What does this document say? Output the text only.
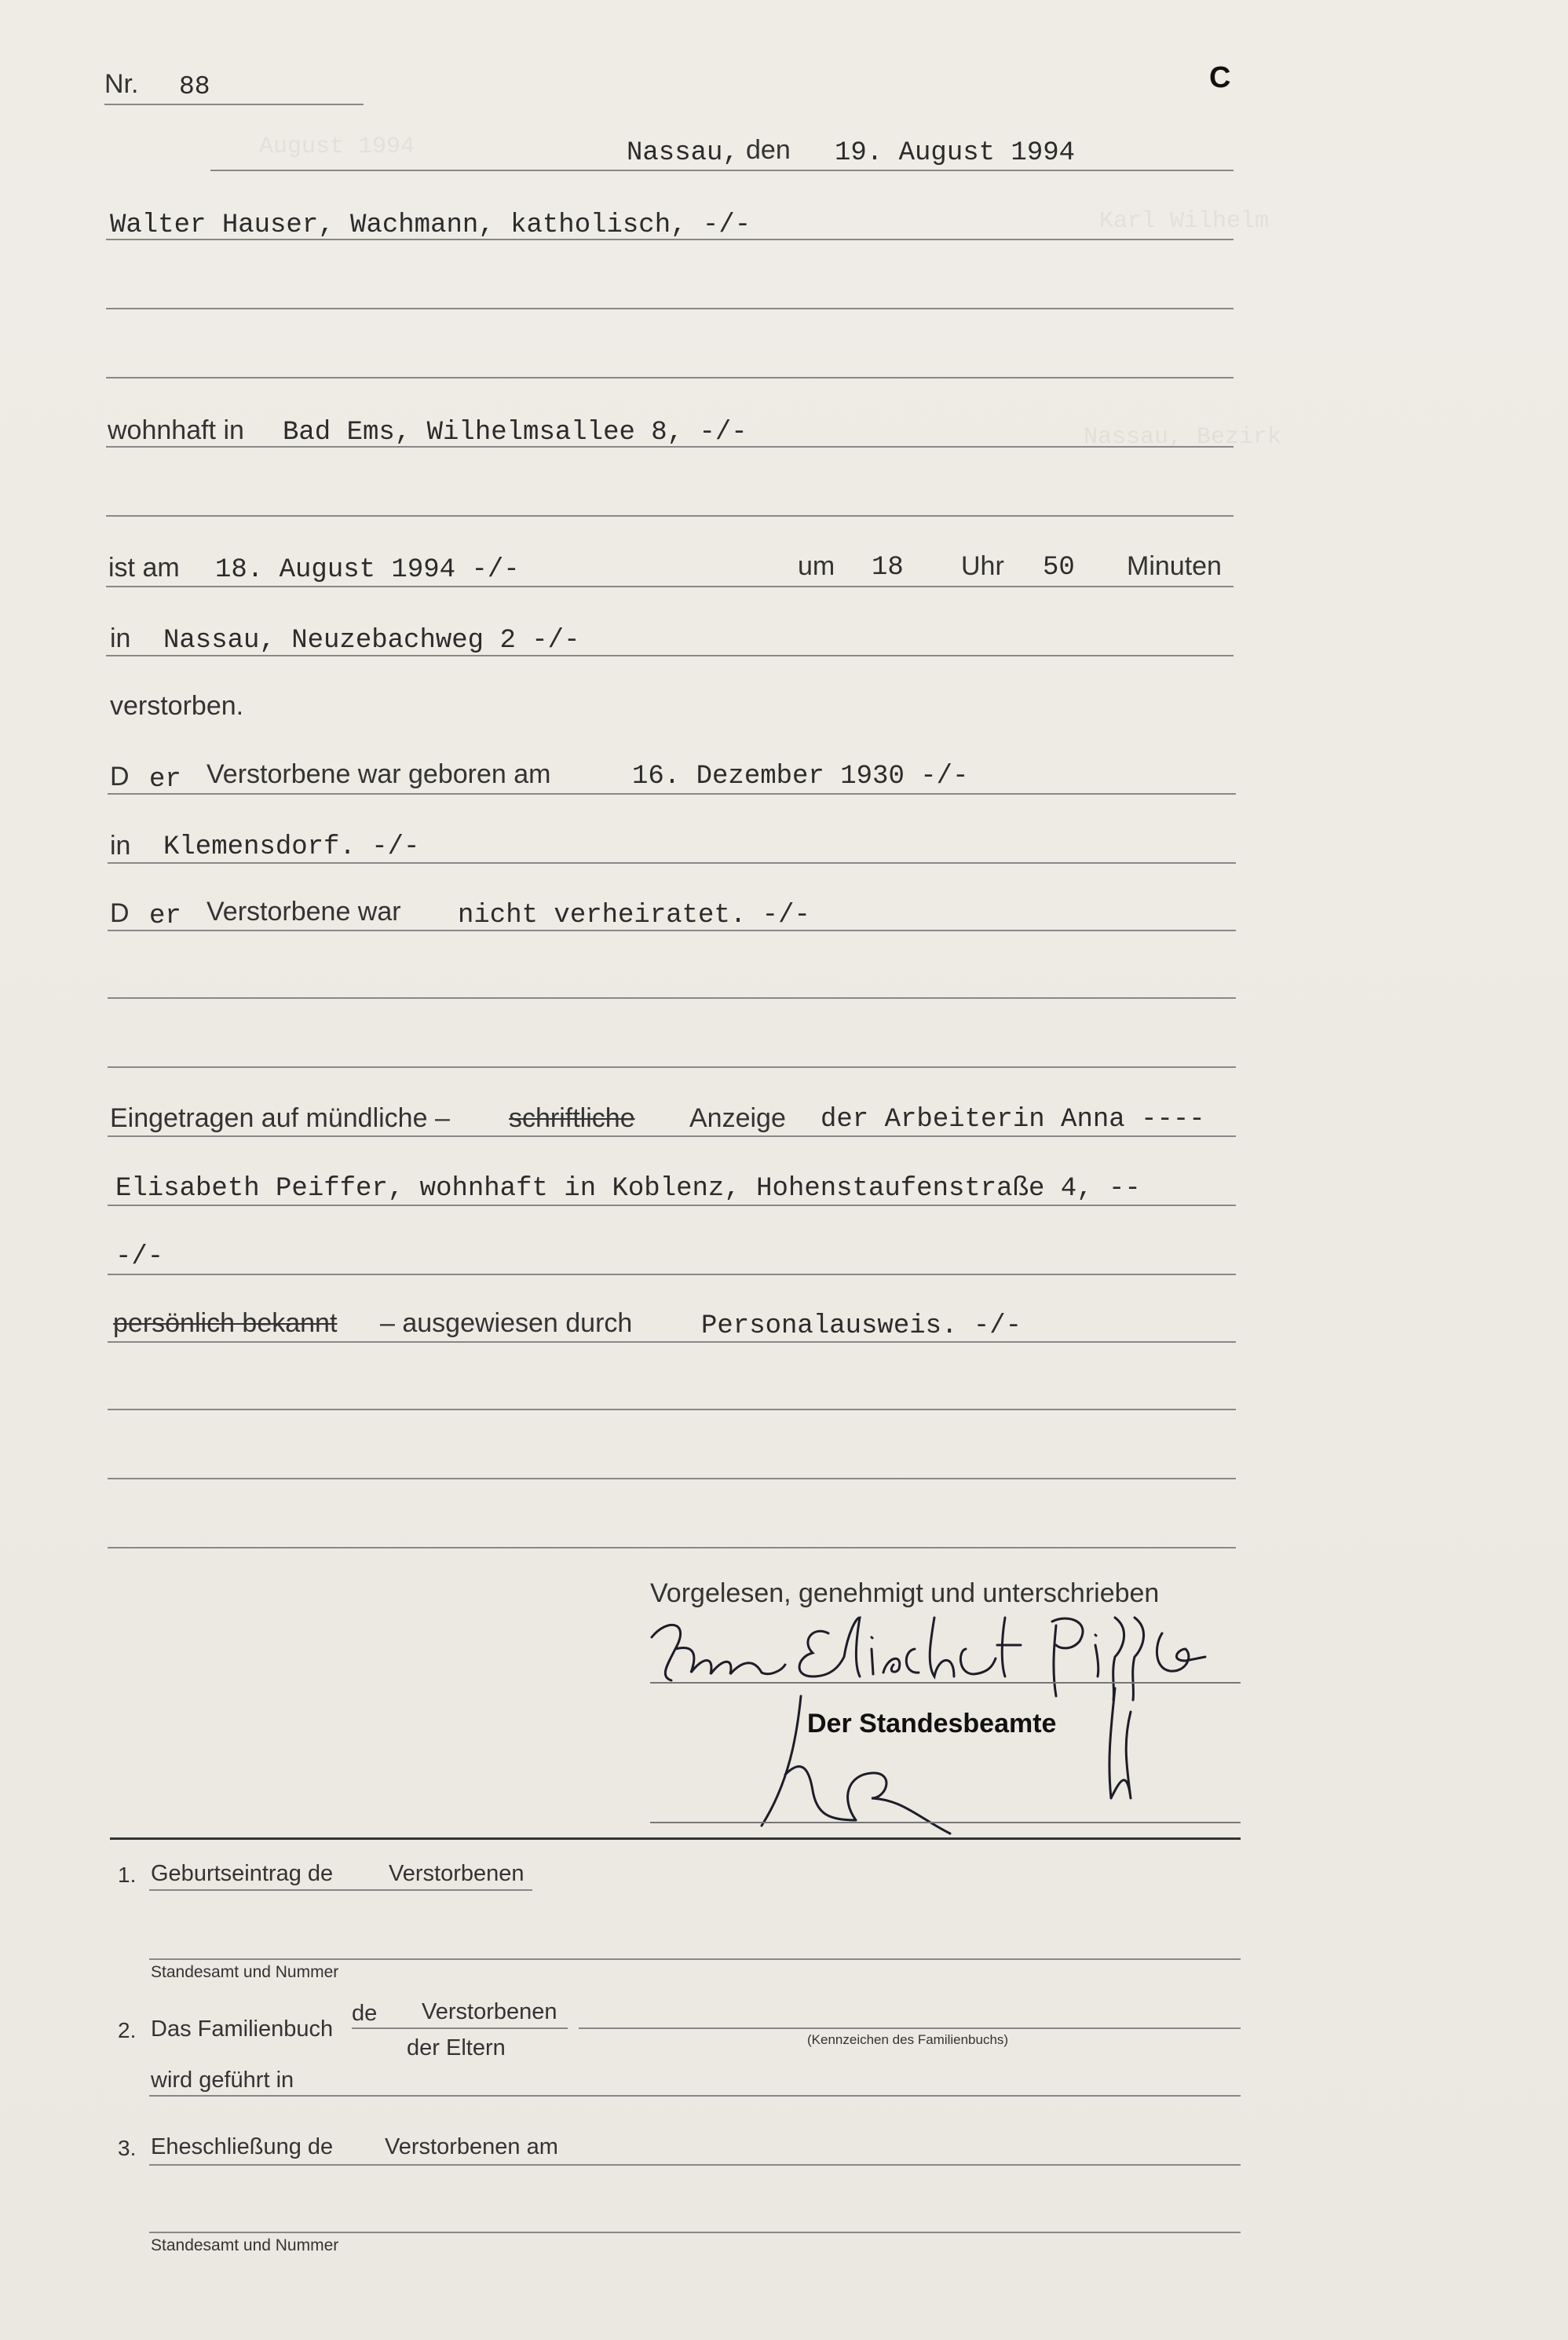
August 1994
Karl Wilhelm
Nassau, Bezirk
Nr. 88	C
Nassau, den 19. August 1994
Walter Hauser, Wachmann, katholisch, -/-
wohnhaft in Bad Ems, Wilhelmsallee 8, -/-
ist am 18. August 1994 -/-	um 18 Uhr 50 Minuten
in Nassau, Neuzebachweg 2 -/-
verstorben.
D er Verstorbene war geboren am	16. Dezember 1930 -/-
in Klemensdorf. -/-
D er Verstorbene war nicht verheiratet. -/-
Eingetragen auf mündliche – schriftliche Anzeige der Arbeiterin Anna ----
Elisabeth Peiffer, wohnhaft in Koblenz, Hohenstaufenstraße 4, --
-/-
persönlich bekannt – ausgewiesen durch	Personalausweis. -/-
Vorgelesen, genehmigt und unterschrieben
Der Standesbeamte
1. Geburtseintrag de Verstorbenen
Standesamt und Nummer
2. Das Familienbuch
de Verstorbenen
der Eltern	(Kennzeichen des Familienbuchs)
wird geführt in
3. Eheschließung de Verstorbenen am
Standesamt und Nummer
